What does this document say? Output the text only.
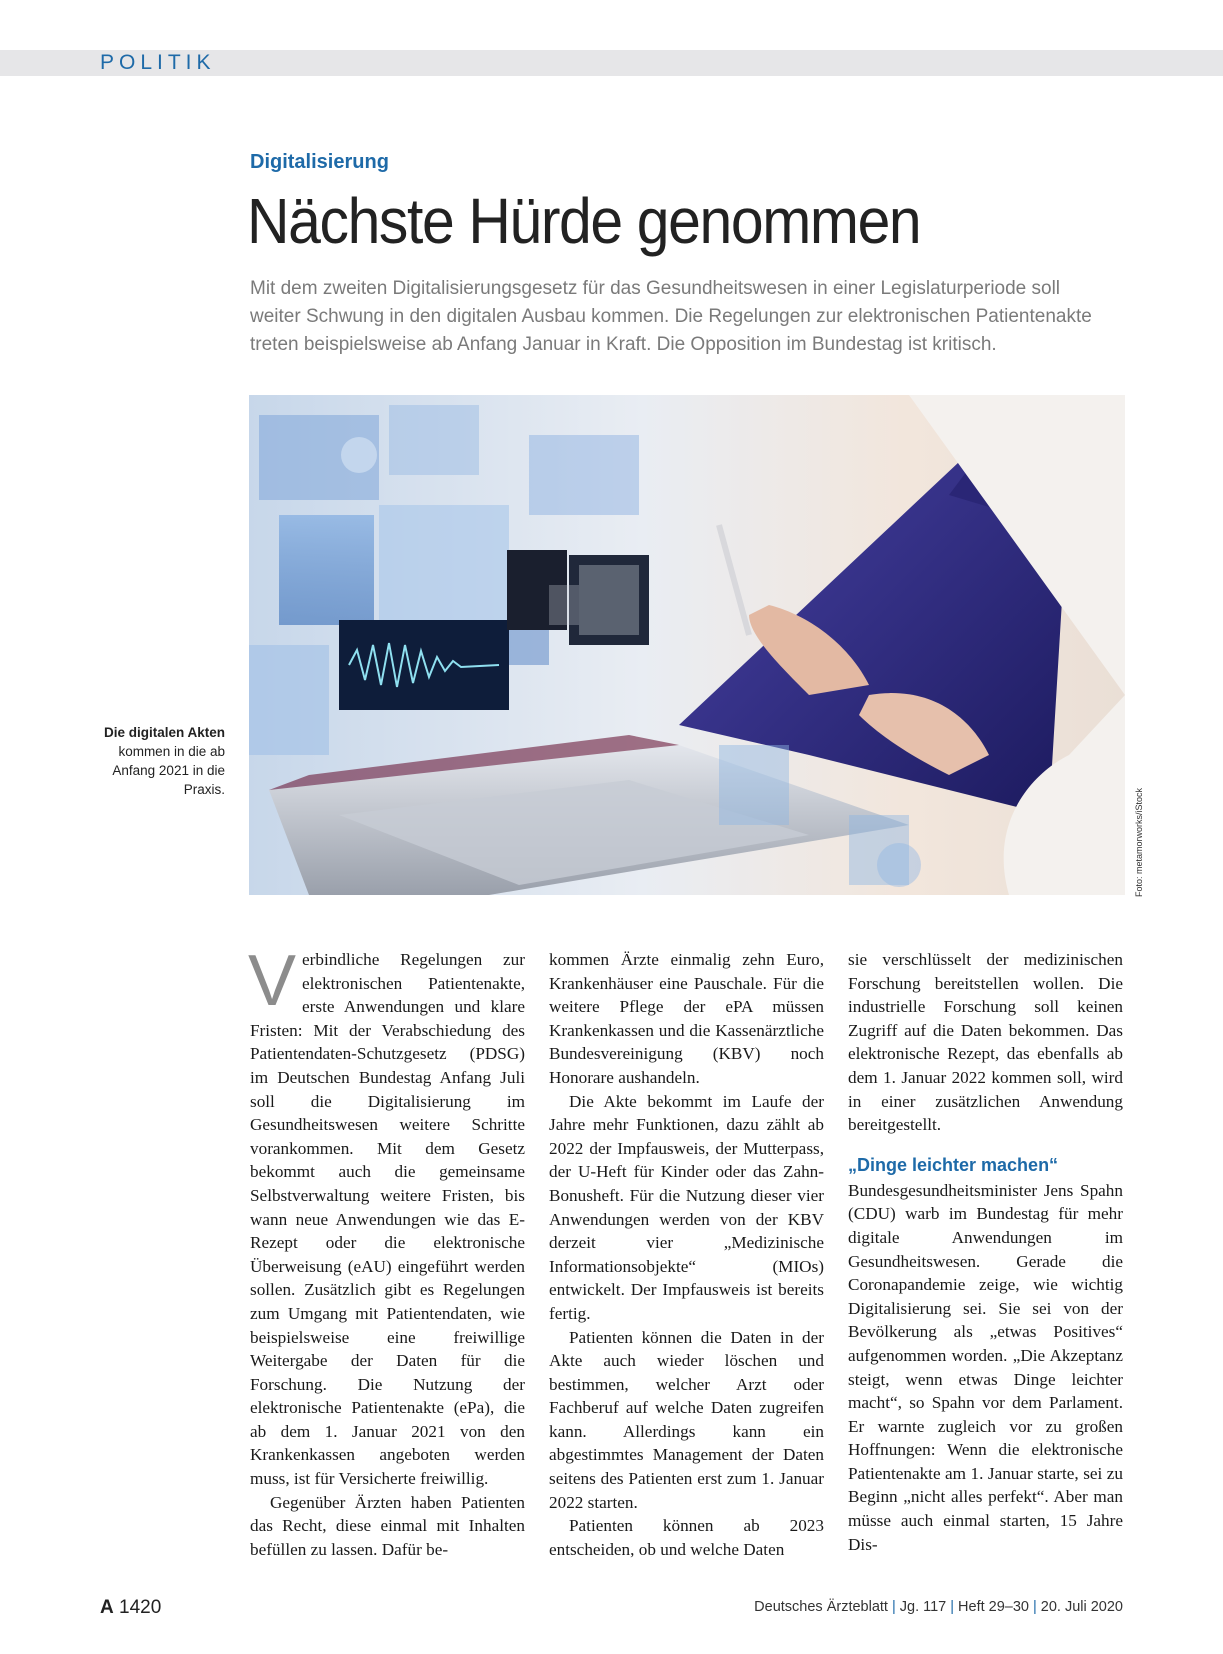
POLITIK
Digitalisierung
Nächste Hürde genommen
Mit dem zweiten Digitalisierungsgesetz für das Gesundheitswesen in einer Legislaturperiode soll weiter Schwung in den digitalen Ausbau kommen. Die Regelungen zur elektronischen Patientenakte treten beispielsweise ab Anfang Januar in Kraft. Die Opposition im Bundestag ist kritisch.
Die digitalen Akten
kommen in die ab Anfang 2021 in die Praxis.	Foto: metamorworks/iStock

Verbindliche Regelungen zur elektronischen Patientenakte, erste Anwendungen und klare Fristen: Mit der Verabschiedung des Patientendaten-Schutzgesetz (PDSG) im Deutschen Bundestag Anfang Juli soll die Digitalisierung im Gesundheitswesen weitere Schritte vorankommen. Mit dem Gesetz bekommt auch die gemeinsame Selbstverwaltung weitere Fristen, bis wann neue Anwendungen wie das E-Rezept oder die elektronische Überweisung (eAU) eingeführt werden sollen. Zusätzlich gibt es Regelungen zum Umgang mit Patientendaten, wie beispielsweise eine freiwillige Weitergabe der Daten für die Forschung. Die Nutzung der elektronische Patientenakte (ePa), die ab dem 1. Januar 2021 von den Krankenkassen angeboten werden muss, ist für Versicherte freiwillig.

Gegenüber Ärzten haben Patienten das Recht, diese einmal mit Inhalten befüllen zu lassen. Dafür be-

kommen Ärzte einmalig zehn Euro, Krankenhäuser eine Pauschale. Für die weitere Pflege der ePA müssen Krankenkassen und die Kassenärztliche Bundesvereinigung (KBV) noch Honorare aushandeln.

Die Akte bekommt im Laufe der Jahre mehr Funktionen, dazu zählt ab 2022 der Impfausweis, der Mutterpass, der U-Heft für Kinder oder das Zahn-Bonusheft. Für die Nutzung dieser vier Anwendungen werden von der KBV derzeit vier „Medizinische Informationsobjekte“ (MIOs) entwickelt. Der Impfausweis ist bereits fertig.

Patienten können die Daten in der Akte auch wieder löschen und bestimmen, welcher Arzt oder Fachberuf auf welche Daten zugreifen kann. Allerdings kann ein abgestimmtes Management der Daten seitens des Patienten erst zum 1. Januar 2022 starten.

Patienten können ab 2023 entscheiden, ob und welche Daten

sie verschlüsselt der medizinischen Forschung bereitstellen wollen. Die industrielle Forschung soll keinen Zugriff auf die Daten bekommen. Das elektronische Rezept, das ebenfalls ab dem 1. Januar 2022 kommen soll, wird in einer zusätzlichen Anwendung bereitgestellt.

„Dinge leichter machen“

Bundesgesundheitsminister Jens Spahn (CDU) warb im Bundestag für mehr digitale Anwendungen im Gesundheitswesen. Gerade die Coronapandemie zeige, wie wichtig Digitalisierung sei. Sie sei von der Bevölkerung als „etwas Positives“ aufgenommen worden. „Die Akzeptanz steigt, wenn etwas Dinge leichter macht“, so Spahn vor dem Parlament. Er warnte zugleich vor zu großen Hoffnungen: Wenn die elektronische Patientenakte am 1. Januar starte, sei zu Beginn „nicht alles perfekt“. Aber man müsse auch einmal starten, 15 Jahre Dis-

A 1420	Deutsches Ärzteblatt | Jg. 117 | Heft 29–30 | 20. Juli 2020
